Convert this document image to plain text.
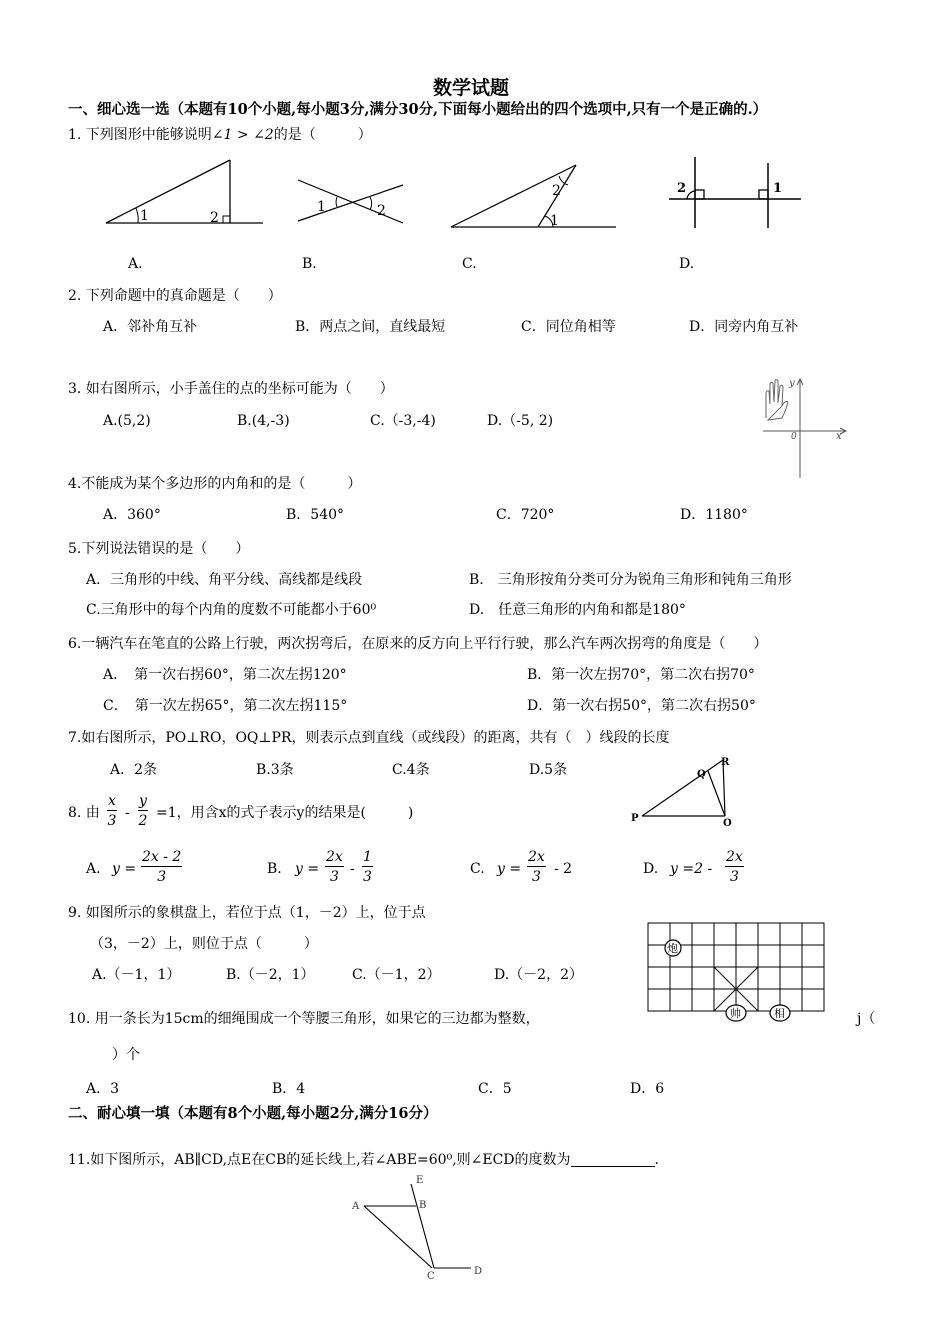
数学试题
一、细心选一选（本题有10个小题,每小题3分,满分30分,下面每小题给出的四个选项中,只有一个是正确的.）
1. 下列图形中能够说明∠1 > ∠2的是（　　　）
1	2
1	2
2
1
2	1
A.	B.	C.	D.
2. 下列命题中的真命题是（　　）
A．邻补角互补	B．两点之间，直线最短	C．同位角相等	D．同旁内角互补
3. 如右图所示，小手盖住的点的坐标可能为（　　）
A.(5,2)	B.(4,-3)	C.（-3,-4)	D.（-5, 2)
y
x
0
4.不能成为某个多边形的内角和的是（　　　）
A．360°	B．540°	C．720°	D．1180°
5.下列说法错误的是（　　）
A．三角形的中线、角平分线、高线都是线段	B.　三角形按角分类可分为锐角三角形和钝角三角形
C.三角形中的每个内角的度数不可能都小于60⁰	D.　任意三角形的内角和都是180°
6.一辆汽车在笔直的公路上行驶，两次拐弯后，在原来的反方向上平行行驶，那么汽车两次拐弯的角度是（　　）
A．　第一次右拐60°，第二次左拐120°	B．第一次左拐70°，第二次右拐70°
C．　第一次左拐65°，第二次左拐115°	D．第一次右拐50°，第二次右拐50°
7.如右图所示，PO⊥RO，OQ⊥PR，则表示点到直线（或线段）的距离，共有（　）线段的长度
A．2条	B.3条	C.4条	D.5条	R
Q
P	O
8. 由 $\frac{x}{3} - \frac{y}{2} =1$，用含x的式子表示y的结果是(　　　)
A. $y = \frac{2x - 2}{3}$	B. $y = \frac{2x}{3} - \frac{1}{3}$	C. $y = \frac{2x}{3} - 2$	D. $y =2 - \frac{2x}{3}$
9. 如图所示的象棋盘上，若位于点（1，－2）上，位于点
（3，－2）上，则位于点（　　　）
A.（－1，1）	B.（－2，1）	C.（－1，2）	D.（－2，2）
炮
帅	相
10. 用一条长为15cm的细绳围成一个等腰三角形，如果它的三边都为整数，	j（
）个
A．3	B．4	C．5	D．6
二、耐心填一填（本题有8个小题,每小题2分,满分16分）
11.如下图所示，AB∥CD,点E在CB的延长线上,若∠ABE=60⁰,则∠ECD的度数为	.
E
A	B
C	D
